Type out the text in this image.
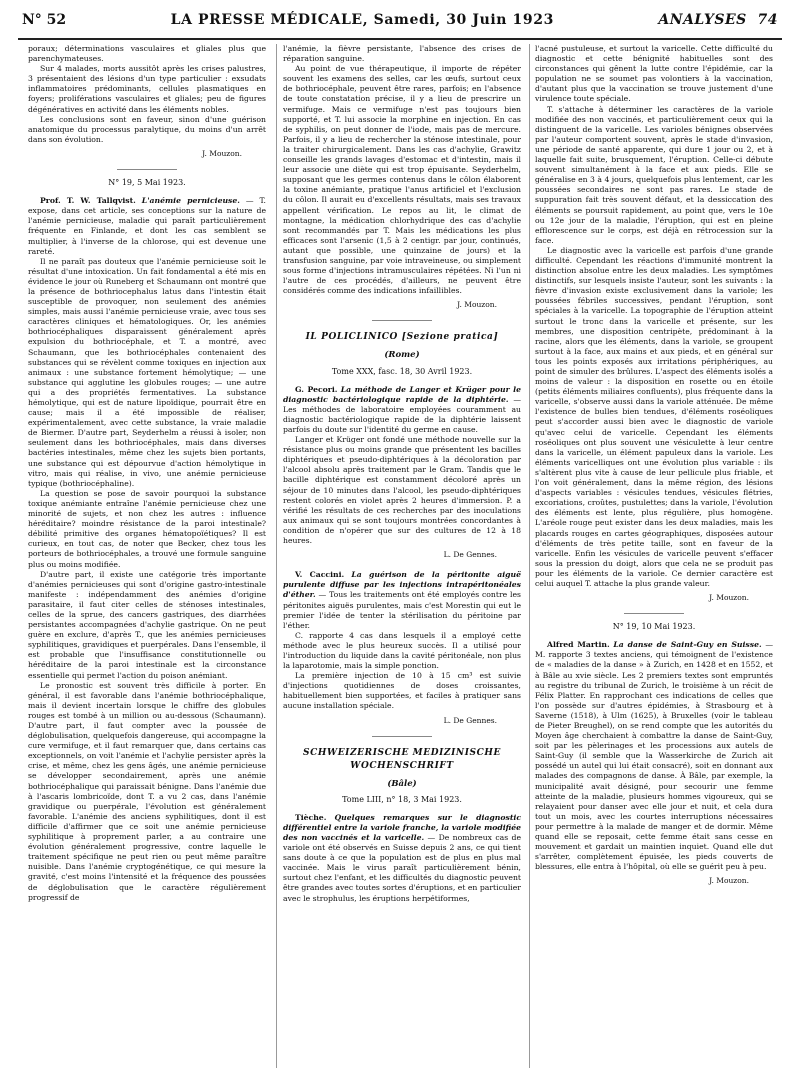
N° 52	LA PRESSE MÉDICALE, Samedi, 30 Juin 1923	ANALYSES 74

poraux; déterminations vasculaires et gliales plus que parenchymateuses.

Sur 4 malades, morts aussitôt après les crises palustres, 3 présentaient des lésions d'un type particulier : exsudats inflammatoires prédominants, cellules plasmatiques en foyers; proliférations vasculaires et gliales; peu de figures dégénératives en activité dans les éléments nobles.

Les conclusions sont en faveur, sinon d'une guérison anatomique du processus paralytique, du moins d'un arrêt dans son évolution.

J. Mouzon.

N° 19, 5 Mai 1923.

Prof. T. W. Tallqvist. L'anémie pernicieuse. — T. expose, dans cet article, ses conceptions sur la nature de l'anémie pernicieuse, maladie qui paraît particulièrement fréquente en Finlande, et dont les cas semblent se multiplier, à l'inverse de la chlorose, qui est devenue une rareté.

Il ne paraît pas douteux que l'anémie pernicieuse soit le résultat d'une intoxication. Un fait fondamental a été mis en évidence le jour où Runeberg et Schaumann ont montré que la présence de bothriocephalus latus dans l'intestin était susceptible de provoquer, non seulement des anémies simples, mais aussi l'anémie pernicieuse vraie, avec tous ses caractères cliniques et hématologiques. Or, les anémies bothriocéphaliques disparaissent généralement après expulsion du bothriocéphale, et T. a montré, avec Schaumann, que les bothriocéphales contenaient des substances qui se révèlent comme toxiques en injection aux animaux : une substance fortement hémolytique; — une substance qui agglutine les globules rouges; — une autre qui a des propriétés fermentatives. La substance hémolytique, qui est de nature lipoïdique, pourrait être en cause; mais il a été impossible de réaliser, expérimentalement, avec cette substance, la vraie maladie de Biermer. D'autre part, Seyderhelm a réussi à isoler, non seulement dans les bothriocéphales, mais dans diverses bactéries intestinales, même chez les sujets bien portants, une substance qui est dépourvue d'action hémolytique in vitro, mais qui réalise, in vivo, une anémie pernicieuse typique (bothriocéphaline).

La question se pose de savoir pourquoi la substance toxique anémiante entraîne l'anémie pernicieuse chez une minorité de sujets, et non chez les autres : influence héréditaire? moindre résistance de la paroi intestinale? débilité primitive des organes hématopoïétiques? Il est curieux, en tout cas, de noter que Becker, chez tous les porteurs de bothriocéphales, a trouvé une formule sanguine plus ou moins modifiée.

D'autre part, il existe une catégorie très importante d'anémies pernicieuses qui sont d'origine gastro-intestinale manifeste : indépendamment des anémies d'origine parasitaire, il faut citer celles de sténoses intestinales, celles de la sprue, des cancers gastriques, des diarrhées persistantes accompagnées d'achylie gastrique. On ne peut guère en exclure, d'après T., que les anémies pernicieuses syphilitiques, gravidiques et puerpérales. Dans l'ensemble, il est probable que l'insuffisance constitutionnelle ou héréditaire de la paroi intestinale est la circonstance essentielle qui permet l'action du poison anémiant.

Le pronostic est souvent très difficile à porter. En général, il est favorable dans l'anémie bothriocéphalique, mais il devient incertain lorsque le chiffre des globules rouges est tombé à un million ou au-dessous (Schaumann). D'autre part, il faut compter avec la poussée de déglobulisation, quelquefois dangereuse, qui accompagne la cure vermifuge, et il faut remarquer que, dans certains cas exceptionnels, on voit l'anémie et l'achylie persister après la crise, et même, chez les gens âgés, une anémie pernicieuse se développer secondairement, après une anémie bothriocéphalique qui paraissait bénigne. Dans l'anémie due à l'ascaris lombricoïde, dont T. a vu 2 cas, dans l'anémie gravidique ou puerpérale, l'évolution est généralement favorable. L'anémie des anciens syphilitiques, dont il est difficile d'affirmer que ce soit une anémie pernicieuse syphilitique à proprement parler, a au contraire une évolution généralement progressive, contre laquelle le traitement spécifique ne peut rien ou peut même paraître nuisible. Dans l'anémie cryptogénétique, ce qui mesure la gravité, c'est moins l'intensité et la fréquence des poussées de déglobulisation que le caractère régulièrement progressif de

l'anémie, la fièvre persistante, l'absence des crises de réparation sanguine.

Au point de vue thérapeutique, il importe de répéter souvent les examens des selles, car les œufs, surtout ceux de bothriocéphale, peuvent être rares, parfois; en l'absence de toute constatation précise, il y a lieu de prescrire un vermifuge. Mais ce vermifuge n'est pas toujours bien supporté, et T. lui associe la morphine en injection. En cas de syphilis, on peut donner de l'iode, mais pas de mercure. Parfois, il y a lieu de rechercher la sténose intestinale, pour la traiter chirurgicalement. Dans les cas d'achylie, Grawitz conseille les grands lavages d'estomac et d'intestin, mais il leur associe une diète qui est trop épuisante. Seyderhelm, supposant que les germes contenus dans le côlon élaborent la toxine anémiante, pratique l'anus artificiel et l'exclusion du côlon. Il aurait eu d'excellents résultats, mais ses travaux appellent vérification. Le repos au lit, le climat de montagne, la médication chlorhydrique des cas d'achylie sont recommandés par T. Mais les médications les plus efficaces sont l'arsenic (1,5 à 2 centigr. par jour, continués, autant que possible, une quinzaine de jours) et la transfusion sanguine, par voie intraveineuse, ou simplement sous forme d'injections intramusculaires répétées. Ni l'un ni l'autre de ces procédés, d'ailleurs, ne peuvent être considérés comme des indications infaillibles.

J. Mouzon.

IL POLICLINICO [Sezione pratica]

(Rome)

Tome XXX, fasc. 18, 30 Avril 1923.

G. Pecori. La méthode de Langer et Krüger pour le diagnostic bactériologique rapide de la diphtérie. — Les méthodes de laboratoire employées couramment au diagnostic bactériologique rapide de la diphtérie laissent parfois du doute sur l'identité du germe en cause.

Langer et Krüger ont fondé une méthode nouvelle sur la résistance plus ou moins grande que présentent les bacilles diphtériques et pseudo-diphtériques à la décoloration par l'alcool absolu après traitement par le Gram. Tandis que le bacille diphtérique est constamment décoloré après un séjour de 10 minutes dans l'alcool, les pseudo-diphtériques restent colorés en violet après 2 heures d'immersion. P. a vérifié les résultats de ces recherches par des inoculations aux animaux qui se sont toujours montrées concordantes à condition de n'opérer que sur des cultures de 12 à 18 heures.

L. De Gennes.

V. Caccini. La guérison de la péritonite aiguë purulente diffuse par les injections intrapéritonéales d'éther. — Tous les traitements ont été employés contre les péritonites aiguës purulentes, mais c'est Morestin qui eut le premier l'idée de tenter la stérilisation du péritoine par l'éther.

C. rapporte 4 cas dans lesquels il a employé cette méthode avec le plus heureux succès. Il a utilisé pour l'introduction du liquide dans la cavité péritonéale, non plus la laparotomie, mais la simple ponction.

La première injection de 10 à 15 cm³ est suivie d'injections quotidiennes de doses croissantes, habituellement bien supportées, et faciles à pratiquer sans aucune installation spéciale.

L. De Gennes.

SCHWEIZERISCHE MEDIZINISCHE WOCHENSCHRIFT

(Bâle)

Tome LIII, n° 18, 3 Mai 1923.

Tièche. Quelques remarques sur le diagnostic différentiel entre la variole franche, la variole modifiée des non vaccinés et la varicelle. — De nombreux cas de variole ont été observés en Suisse depuis 2 ans, ce qui tient sans doute à ce que la population est de plus en plus mal vaccinée. Mais le virus paraît particulièrement bénin, surtout chez l'enfant, et les difficultés du diagnostic peuvent être grandes avec toutes sortes d'éruptions, et en particulier avec le strophulus, les éruptions herpétiformes,

l'acné pustuleuse, et surtout la varicelle. Cette difficulté du diagnostic et cette bénignité habituelles sont des circonstances qui gênent la lutte contre l'épidémie, car la population ne se soumet pas volontiers à la vaccination, d'autant plus que la vaccination se trouve justement d'une virulence toute spéciale.

T. s'attache à déterminer les caractères de la variole modifiée des non vaccinés, et particulièrement ceux qui la distinguent de la varicelle. Les varioles bénignes observées par l'auteur comportent souvent, après le stade d'invasion, une période de santé apparente, qui dure 1 jour ou 2, et à laquelle fait suite, brusquement, l'éruption. Celle-ci débute souvent simultanément à la face et aux pieds. Elle se généralise en 3 à 4 jours, quelquefois plus lentement, car les poussées secondaires ne sont pas rares. Le stade de suppuration fait très souvent défaut, et la dessiccation des éléments se poursuit rapidement, au point que, vers le 10e ou 12e jour de la maladie, l'éruption, qui est en pleine efflorescence sur le corps, est déjà en rétrocession sur la face.

Le diagnostic avec la varicelle est parfois d'une grande difficulté. Cependant les réactions d'immunité montrent la distinction absolue entre les deux maladies. Les symptômes distinctifs, sur lesquels insiste l'auteur, sont les suivants : la fièvre d'invasion existe exclusivement dans la variole; les poussées fébriles successives, pendant l'éruption, sont spéciales à la varicelle. La topographie de l'éruption atteint surtout le tronc dans la varicelle et présente, sur les membres, une disposition centripète, prédominant à la racine, alors que les éléments, dans la variole, se groupent surtout à la face, aux mains et aux pieds, et en général sur tous les points exposés aux irritations périphériques, au point de simuler des brûlures. L'aspect des éléments isolés a moins de valeur : la disposition en rosette ou en étoile (petits éléments miliaires confluents), plus fréquente dans la varicelle, s'observe aussi dans la variole atténuée. De même l'existence de bulles bien tendues, d'éléments roséoliques peut s'accorder aussi bien avec le diagnostic de variole qu'avec celui de varicelle. Cependant les éléments roséoliques ont plus souvent une vésiculette à leur centre dans la varicelle, un élément papuleux dans la variole. Les éléments varicelliques ont une évolution plus variable : ils s'altèrent plus vite à cause de leur pellicule plus friable, et l'on voit généralement, dans la même région, des lésions d'aspects variables : vésicules tendues, vésicules flétries, excoriations, croûtes, pustulettes; dans la variole, l'évolution des éléments est lente, plus régulière, plus homogène. L'aréole rouge peut exister dans les deux maladies, mais les placards rouges en cartes géographiques, disposées autour d'éléments de très petite taille, sont en faveur de la varicelle. Enfin les vésicules de varicelle peuvent s'effacer sous la pression du doigt, alors que cela ne se produit pas pour les éléments de la variole. Ce dernier caractère est celui auquel T. attache la plus grande valeur.

J. Mouzon.

N° 19, 10 Mai 1923.

Alfred Martin. La danse de Saint-Guy en Suisse. — M. rapporte 3 textes anciens, qui témoignent de l'existence de « maladies de la danse » à Zurich, en 1428 et en 1552, et à Bâle au xvie siècle. Les 2 premiers textes sont empruntés au registre du tribunal de Zurich, le troisième à un récit de Félix Platter. En rapprochant ces indications de celles que l'on possède sur d'autres épidémies, à Strasbourg et à Saverne (1518), à Ulm (1625), à Bruxelles (voir le tableau de Pieter Breughel), on se rend compte que les autorités du Moyen âge cherchaient à combattre la danse de Saint-Guy, soit par les pèlerinages et les processions aux autels de Saint-Guy (il semble que la Wasserkirche de Zurich ait possédé un autel qui lui était consacré), soit en donnant aux malades des compagnons de danse. À Bâle, par exemple, la municipalité avait désigné, pour secourir une femme atteinte de la maladie, plusieurs hommes vigoureux, qui se relayaient pour danser avec elle jour et nuit, et cela dura tout un mois, avec les courtes interruptions nécessaires pour permettre à la malade de manger et de dormir. Même quand elle se reposait, cette femme était sans cesse en mouvement et gardait un maintien inquiet. Quand elle dut s'arrêter, complètement épuisée, les pieds couverts de blessures, elle entra à l'hôpital, où elle se guérit peu à peu.

J. Mouzon.
